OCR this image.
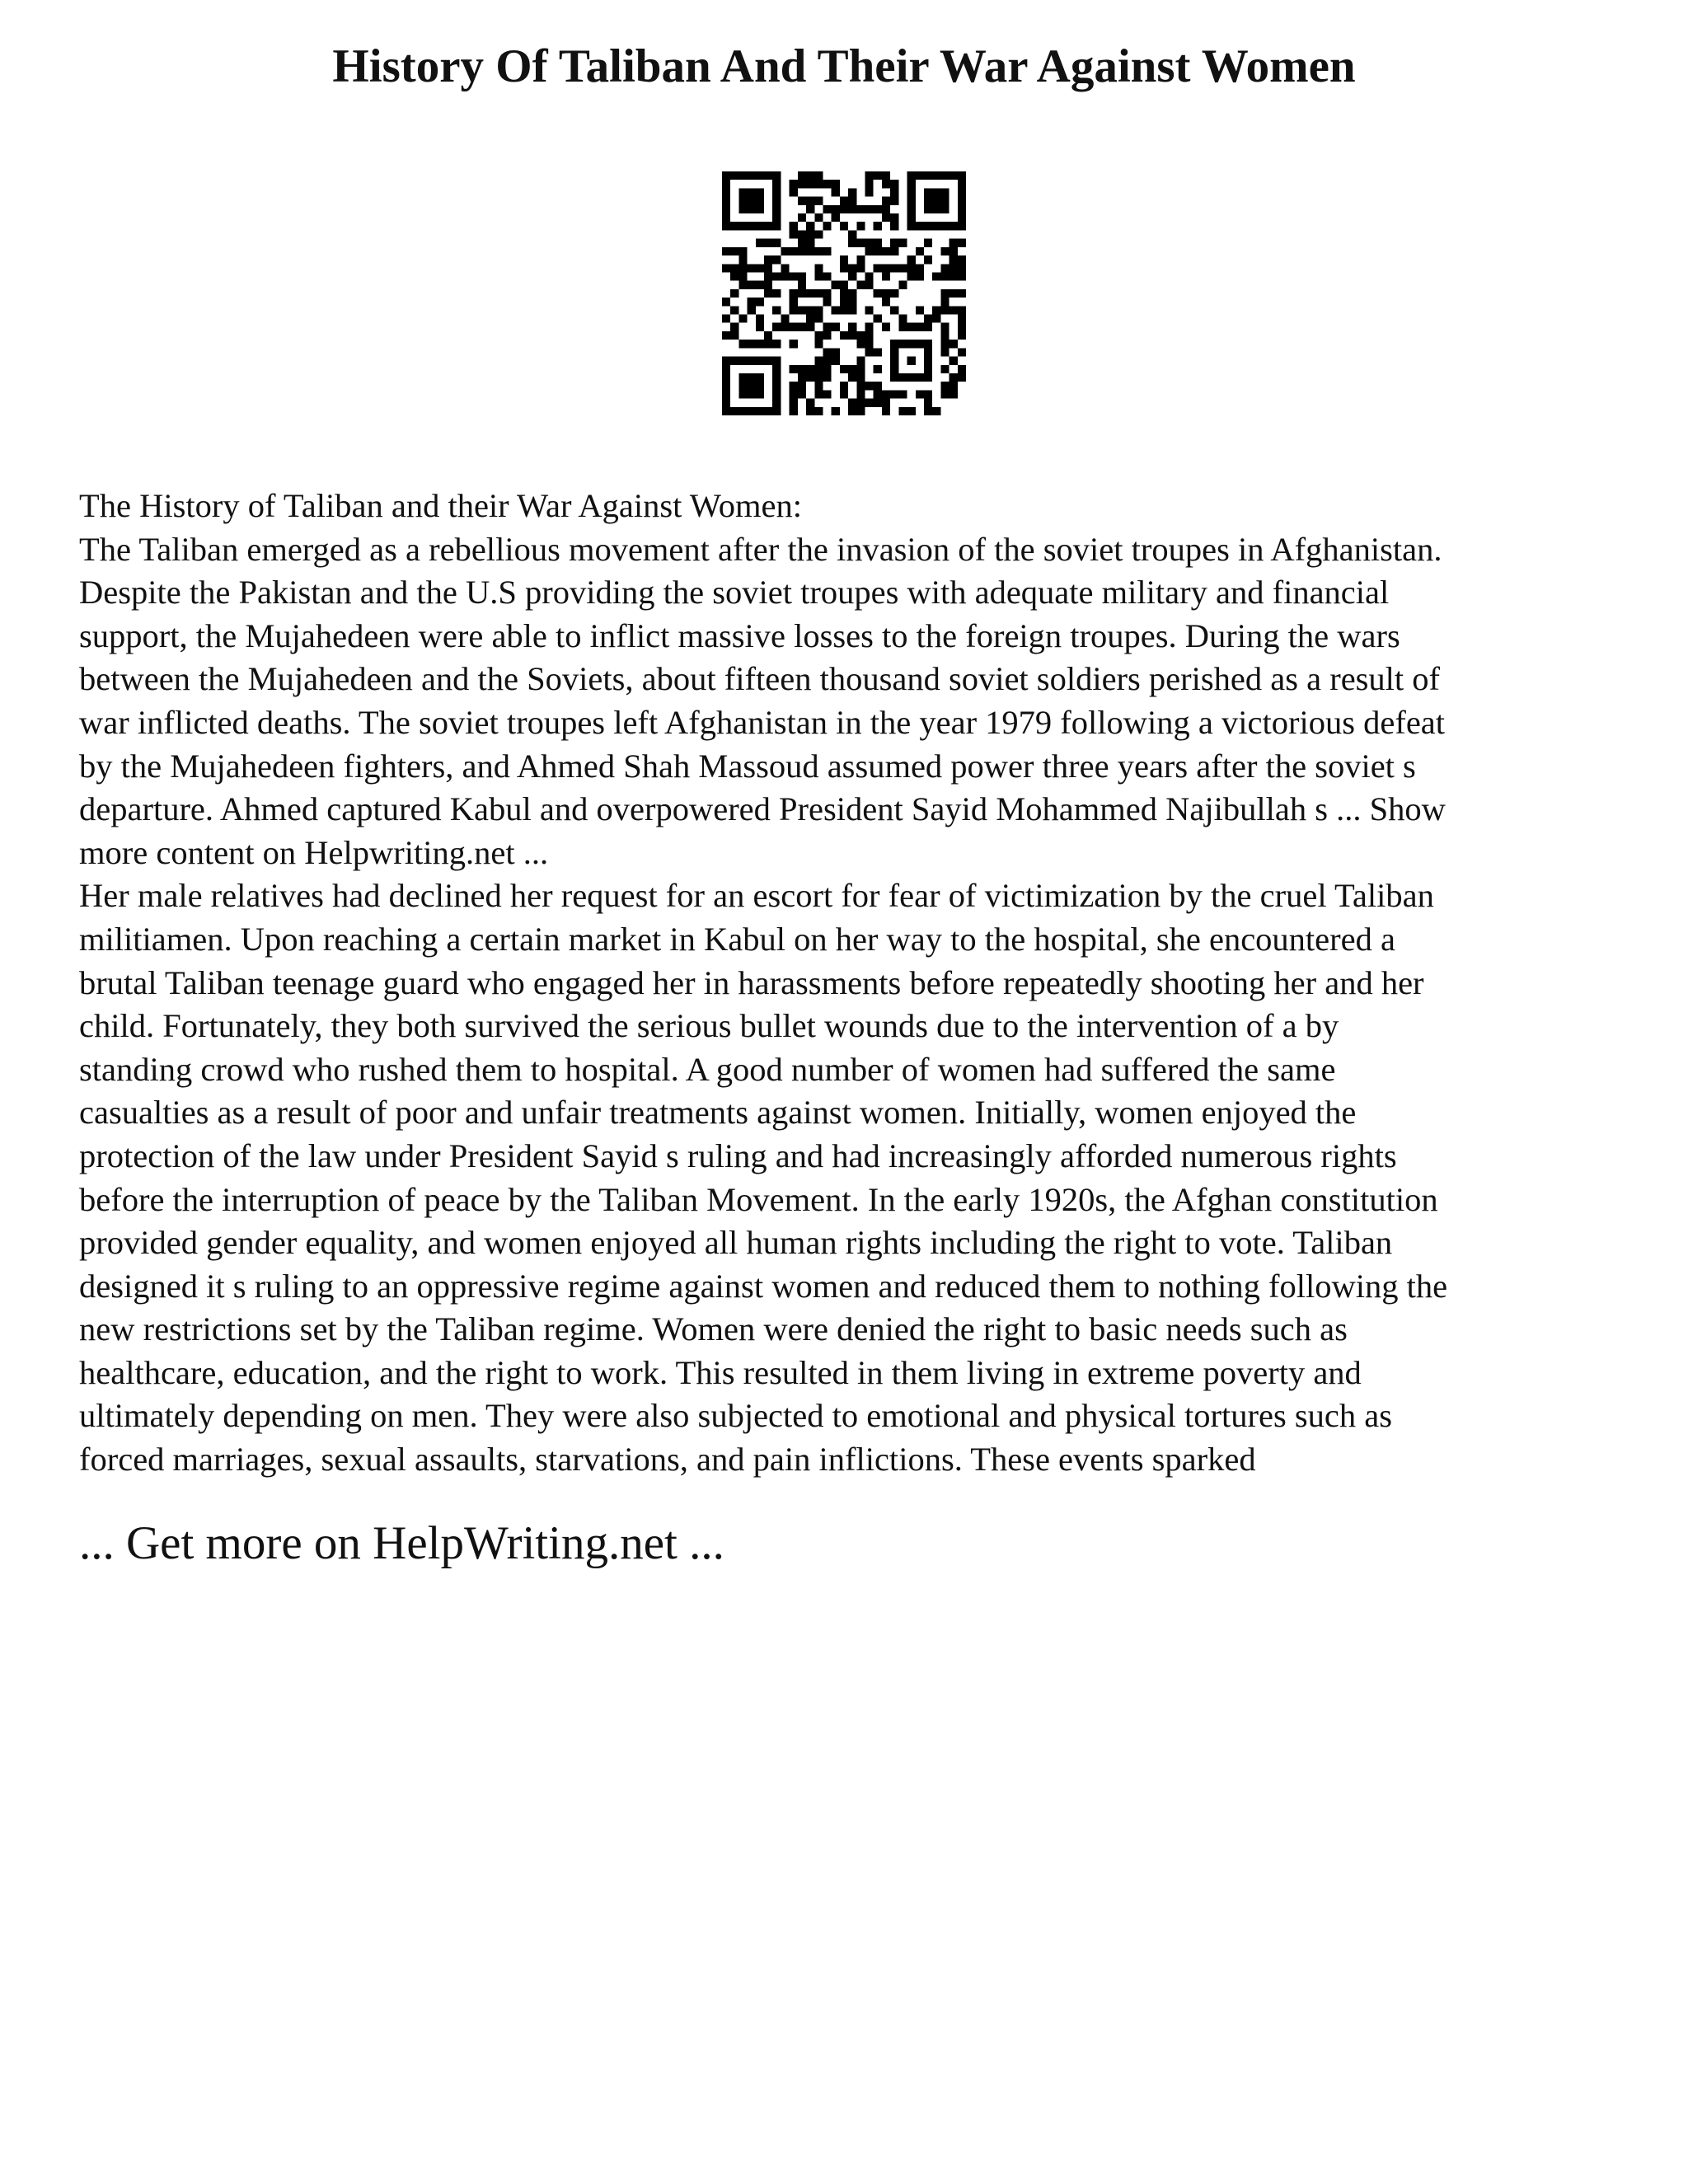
History Of Taliban And Their War Against Women
The History of Taliban and their War Against Women:
The Taliban emerged as a rebellious movement after the invasion of the soviet troupes in Afghanistan.
Despite the Pakistan and the U.S providing the soviet troupes with adequate military and financial
support, the Mujahedeen were able to inflict massive losses to the foreign troupes. During the wars
between the Mujahedeen and the Soviets, about fifteen thousand soviet soldiers perished as a result of
war inflicted deaths. The soviet troupes left Afghanistan in the year 1979 following a victorious defeat
by the Mujahedeen fighters, and Ahmed Shah Massoud assumed power three years after the soviet s
departure. Ahmed captured Kabul and overpowered President Sayid Mohammed Najibullah s ... Show
more content on Helpwriting.net ...
Her male relatives had declined her request for an escort for fear of victimization by the cruel Taliban
militiamen. Upon reaching a certain market in Kabul on her way to the hospital, she encountered a
brutal Taliban teenage guard who engaged her in harassments before repeatedly shooting her and her
child. Fortunately, they both survived the serious bullet wounds due to the intervention of a by
standing crowd who rushed them to hospital. A good number of women had suffered the same
casualties as a result of poor and unfair treatments against women. Initially, women enjoyed the
protection of the law under President Sayid s ruling and had increasingly afforded numerous rights
before the interruption of peace by the Taliban Movement. In the early 1920s, the Afghan constitution
provided gender equality, and women enjoyed all human rights including the right to vote. Taliban
designed it s ruling to an oppressive regime against women and reduced them to nothing following the
new restrictions set by the Taliban regime. Women were denied the right to basic needs such as
healthcare, education, and the right to work. This resulted in them living in extreme poverty and
ultimately depending on men. They were also subjected to emotional and physical tortures such as
forced marriages, sexual assaults, starvations, and pain inflictions. These events sparked
... Get more on HelpWriting.net ...
